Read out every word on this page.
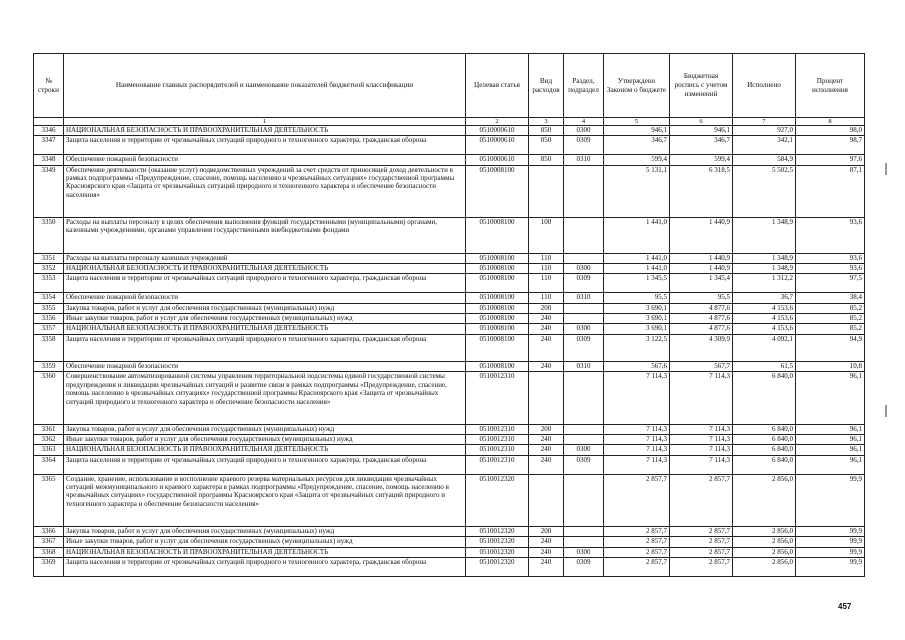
№ строки	Наименование главных распорядителей и наименование показателей бюджетной классификации	Целевая статья	Вид расходов	Раздел, подраздел	Утверждено Законом о бюджете	Бюджетная роспись с учетом изменений	Исполнено	Процент исполнения
	1	2	3	4	5	6	7	8
3346	НАЦИОНАЛЬНАЯ БЕЗОПАСНОСТЬ И ПРАВООХРАНИТЕЛЬНАЯ ДЕЯТЕЛЬНОСТЬ	0510000610	850	0300	946,1	946,1	927,0	98,0
3347	Защита населения и территории от чрезвычайных ситуаций природного и техногенного характера, гражданская оборона	0510000610	850	0309	346,7	346,7	342,1	98,7
3348	Обеспечение пожарной безопасности	0510000610	850	0310	599,4	599,4	584,9	97,6
3349	Обеспечение деятельности (оказание услуг) подведомственных учреждений за счет средств от приносящей доход деятельности в рамках подпрограммы «Предупреждение, спасение, помощь населению в чрезвычайных ситуациях» государственной программы Красноярского края «Защита от чрезвычайных ситуаций природного и техногенного характера и обеспечение безопасности населения»	0510008100			5 131,1	6 318,5	5 502,5	87,1
3350	Расходы на выплаты персоналу в целях обеспечения выполнения функций государственными (муниципальными) органами, казенными учреждениями, органами управления государственными внебюджетными фондами	0510008100	100		1 441,0	1 440,9	1 348,9	93,6
3351	Расходы на выплаты персоналу казенных учреждений	0510008100	110		1 441,0	1 440,9	1 348,9	93,6
3352	НАЦИОНАЛЬНАЯ БЕЗОПАСНОСТЬ И ПРАВООХРАНИТЕЛЬНАЯ ДЕЯТЕЛЬНОСТЬ	0510008100	110	0300	1 441,0	1 440,9	1 348,9	93,6
3353	Защита населения и территории от чрезвычайных ситуаций природного и техногенного характера, гражданская оборона	0510008100	110	0309	1 345,5	1 345,4	1 312,2	97,5
3354	Обеспечение пожарной безопасности	0510008100	110	0310	95,5	95,5	36,7	38,4
3355	Закупка товаров, работ и услуг для обеспечения государственных (муниципальных) нужд	0510008100	200		3 690,1	4 877,6	4 153,6	85,2
3356	Иные закупки товаров, работ и услуг для обеспечения государственных (муниципальных) нужд	0510008100	240		3 690,1	4 877,6	4 153,6	85,2
3357	НАЦИОНАЛЬНАЯ БЕЗОПАСНОСТЬ И ПРАВООХРАНИТЕЛЬНАЯ ДЕЯТЕЛЬНОСТЬ	0510008100	240	0300	3 690,1	4 877,6	4 153,6	85,2
3358	Защита населения и территории от чрезвычайных ситуаций природного и техногенного характера, гражданская оборона	0510008100	240	0309	3 122,5	4 309,9	4 092,1	94,9
3359	Обеспечение пожарной безопасности	0510008100	240	0310	567,6	567,7	61,5	10,8
3360	Совершенствование автоматизированной системы управления территориальной подсистемы единой государственной системы предупреждения и ликвидации чрезвычайных ситуаций и развитие связи в рамках подпрограммы «Предупреждение, спасение, помощь населению в чрезвычайных ситуациях» государственной программы Красноярского края «Защита от чрезвычайных ситуаций природного и техногенного характера и обеспечение безопасности населения»	0510012310			7 114,3	7 114,3	6 840,0	96,1
3361	Закупка товаров, работ и услуг для обеспечения государственных (муниципальных) нужд	0510012310	200		7 114,3	7 114,3	6 840,0	96,1
3362	Иные закупки товаров, работ и услуг для обеспечения государственных (муниципальных) нужд	0510012310	240		7 114,3	7 114,3	6 840,0	96,1
3363	НАЦИОНАЛЬНАЯ БЕЗОПАСНОСТЬ И ПРАВООХРАНИТЕЛЬНАЯ ДЕЯТЕЛЬНОСТЬ	0510012310	240	0300	7 114,3	7 114,3	6 840,0	96,1
3364	Защита населения и территории от чрезвычайных ситуаций природного и техногенного характера, гражданская оборона	0510012310	240	0309	7 114,3	7 114,3	6 840,0	96,1
3365	Создание, хранение, использование и восполнение краевого резерва материальных ресурсов для ликвидации чрезвычайных ситуаций межмуниципального и краевого характера в рамках подпрограммы «Предупреждение, спасение, помощь населению в чрезвычайных ситуациях» государственной программы Красноярского края «Защита от чрезвычайных ситуаций природного и техногенного характера и обеспечение безопасности населения»	0510012320			2 857,7	2 857,7	2 856,0	99,9
3366	Закупка товаров, работ и услуг для обеспечения государственных (муниципальных) нужд	0510012320	200		2 857,7	2 857,7	2 856,0	99,9
3367	Иные закупки товаров, работ и услуг для обеспечения государственных (муниципальных) нужд	0510012320	240		2 857,7	2 857,7	2 856,0	99,9
3368	НАЦИОНАЛЬНАЯ БЕЗОПАСНОСТЬ И ПРАВООХРАНИТЕЛЬНАЯ ДЕЯТЕЛЬНОСТЬ	0510012320	240	0300	2 857,7	2 857,7	2 856,0	99,9
3369	Защита населения и территории от чрезвычайных ситуаций природного и техногенного характера, гражданская оборона	0510012320	240	0309	2 857,7	2 857,7	2 856,0	99,9
457
